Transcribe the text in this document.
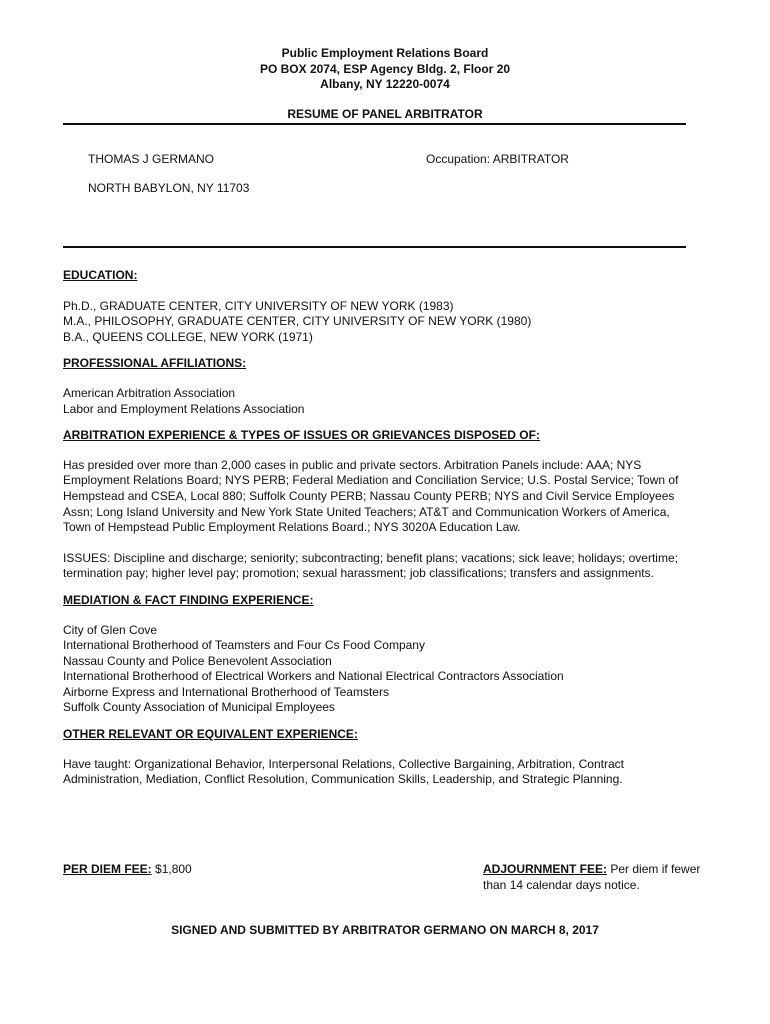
Public Employment Relations Board
PO BOX 2074, ESP Agency Bldg. 2, Floor 20
Albany, NY 12220-0074
RESUME OF PANEL ARBITRATOR
THOMAS J GERMANO	Occupation: ARBITRATOR
NORTH BABYLON, NY 11703

EDUCATION:

Ph.D., GRADUATE CENTER, CITY UNIVERSITY OF NEW YORK (1983)
M.A., PHILOSOPHY, GRADUATE CENTER, CITY UNIVERSITY OF NEW YORK (1980)
B.A., QUEENS COLLEGE, NEW YORK (1971)

PROFESSIONAL AFFILIATIONS:

American Arbitration Association
Labor and Employment Relations Association

ARBITRATION EXPERIENCE & TYPES OF ISSUES OR GRIEVANCES DISPOSED OF:

Has presided over more than 2,000 cases in public and private sectors. Arbitration Panels include: AAA; NYS Employment Relations Board; NYS PERB; Federal Mediation and Conciliation Service; U.S. Postal Service; Town of Hempstead and CSEA, Local 880; Suffolk County PERB; Nassau County PERB; NYS and Civil Service Employees Assn; Long Island University and New York State United Teachers; AT&T and Communication Workers of America, Town of Hempstead Public Employment Relations Board.; NYS 3020A Education Law.

ISSUES: Discipline and discharge; seniority; subcontracting; benefit plans; vacations; sick leave; holidays; overtime; termination pay; higher level pay; promotion; sexual harassment; job classifications; transfers and assignments.

MEDIATION & FACT FINDING EXPERIENCE:

City of Glen Cove
International Brotherhood of Teamsters and Four Cs Food Company
Nassau County and Police Benevolent Association
International Brotherhood of Electrical Workers and National Electrical Contractors Association
Airborne Express and International Brotherhood of Teamsters
Suffolk County Association of Municipal Employees

OTHER RELEVANT OR EQUIVALENT EXPERIENCE:

Have taught: Organizational Behavior, Interpersonal Relations, Collective Bargaining, Arbitration, Contract Administration, Mediation, Conflict Resolution, Communication Skills, Leadership, and Strategic Planning.

PER DIEM FEE: $1,800	ADJOURNMENT FEE: Per diem if fewer than 14 calendar days notice.
SIGNED AND SUBMITTED BY ARBITRATOR GERMANO ON MARCH 8, 2017
